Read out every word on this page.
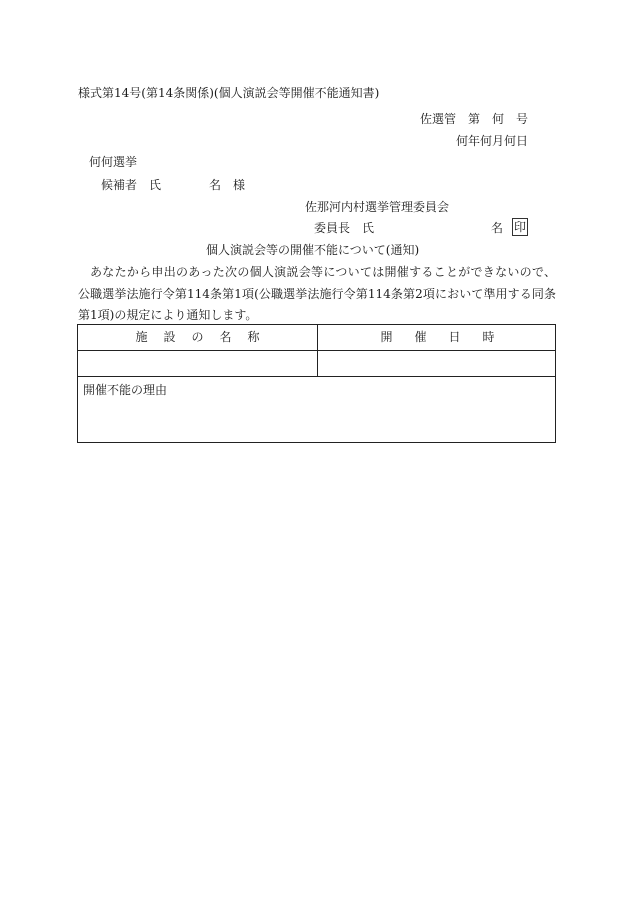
様式第14号(第14条関係)(個人演説会等開催不能通知書)
佐選管　第　何　号
何年何月何日
何何選挙
候補者　氏　　　　名　様
佐那河内村選挙管理委員会
委員長　氏	名 印
個人演説会等の開催不能について(通知)
あなたから申出のあった次の個人演説会等については開催することができないので、公職選挙法施行令第114条第1項(公職選挙法施行令第114条第2項において準用する同条第1項)の規定により通知します。
施設の名称	開催日時
開催不能の理由
